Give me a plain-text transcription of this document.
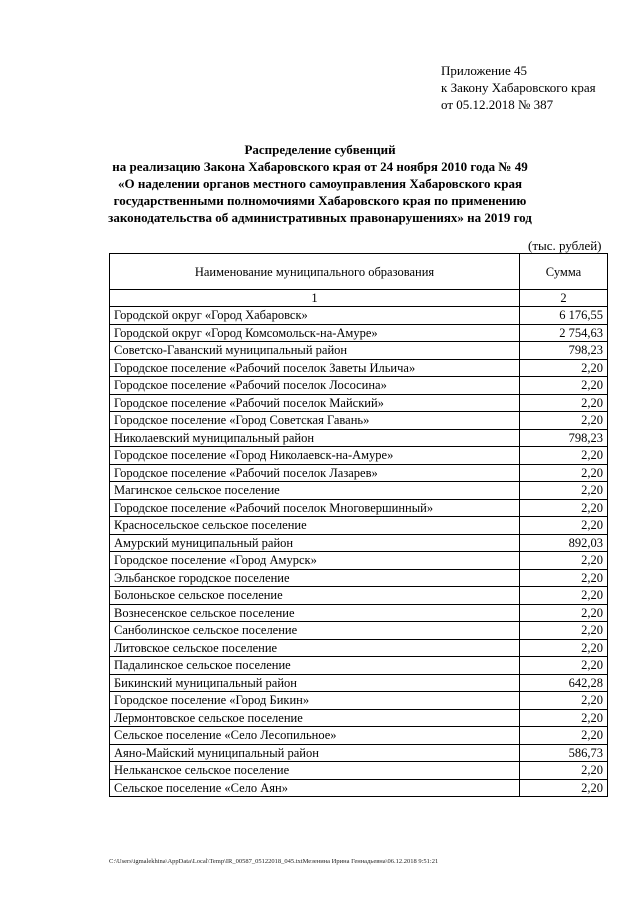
Приложение 45
к Закону Хабаровского края
от 05.12.2018 № 387
Распределение субвенций
на реализацию Закона Хабаровского края от 24 ноября 2010 года № 49
«О наделении органов местного самоуправления Хабаровского края
государственными полномочиями Хабаровского края по применению
законодательства об административных правонарушениях» на 2019 год
(тыс. рублей)
Наименование муниципального образования	Сумма
1	2
Городской округ «Город Хабаровск»	6 176,55
Городской округ «Город Комсомольск-на-Амуре»	2 754,63
Советско-Гаванский муниципальный район	798,23
Городское поселение «Рабочий поселок Заветы Ильича»	2,20
Городское поселение «Рабочий поселок Лососина»	2,20
Городское поселение «Рабочий поселок Майский»	2,20
Городское поселение «Город Советская Гавань»	2,20
Николаевский муниципальный район	798,23
Городское поселение «Город Николаевск-на-Амуре»	2,20
Городское поселение «Рабочий поселок Лазарев»	2,20
Магинское сельское поселение	2,20
Городское поселение «Рабочий поселок Многовершинный»	2,20
Красносельское сельское поселение	2,20
Амурский муниципальный район	892,03
Городское поселение «Город Амурск»	2,20
Эльбанское городское поселение	2,20
Болоньское сельское поселение	2,20
Вознесенское сельское поселение	2,20
Санболинское сельское поселение	2,20
Литовское сельское поселение	2,20
Падалинское сельское поселение	2,20
Бикинский муниципальный район	642,28
Городское поселение «Город Бикин»	2,20
Лермонтовское сельское поселение	2,20
Сельское поселение «Село Лесопильное»	2,20
Аяно-Майский муниципальный район	586,73
Нельканское сельское поселение	2,20
Сельское поселение «Село Аян»	2,20
C:\Users\igmalekhina\AppData\Local\Temp\IR_00587_05122018_045.txtМезенина Ирина Геннадьевна\06.12.2018 9:51:21
